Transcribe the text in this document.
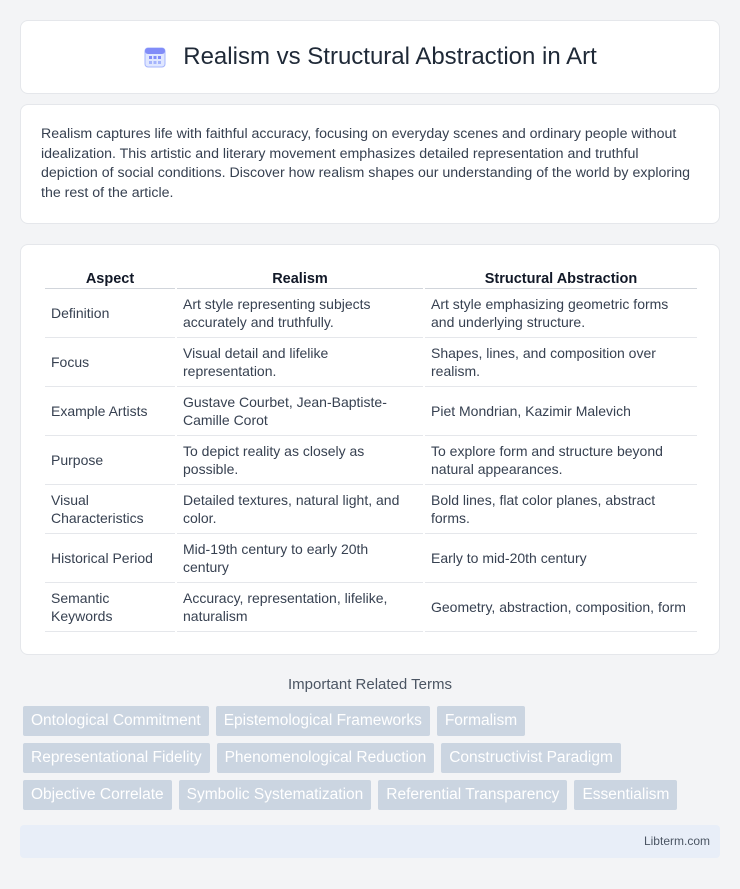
Realism vs Structural Abstraction in Art

Realism captures life with faithful accuracy, focusing on everyday scenes and ordinary people without idealization. This artistic and literary movement emphasizes detailed representation and truthful depiction of social conditions. Discover how realism shapes our understanding of the world by exploring the rest of the article.

Aspect	Realism	Structural Abstraction
Definition	Art style representing subjects accurately and truthfully.	Art style emphasizing geometric forms and underlying structure.
Focus	Visual detail and lifelike representation.	Shapes, lines, and composition over realism.
Example Artists	Gustave Courbet, Jean-Baptiste-Camille Corot	Piet Mondrian, Kazimir Malevich
Purpose	To depict reality as closely as possible.	To explore form and structure beyond natural appearances.
Visual Characteristics	Detailed textures, natural light, and color.	Bold lines, flat color planes, abstract forms.
Historical Period	Mid-19th century to early 20th century	Early to mid-20th century
Semantic Keywords	Accuracy, representation, lifelike, naturalism	Geometry, abstraction, composition, form
Important Related Terms
Ontological Commitment	Epistemological Frameworks	Formalism
Representational Fidelity	Phenomenological Reduction	Constructivist Paradigm
Objective Correlate	Symbolic Systematization	Referential Transparency	Essentialism
Libterm.com
